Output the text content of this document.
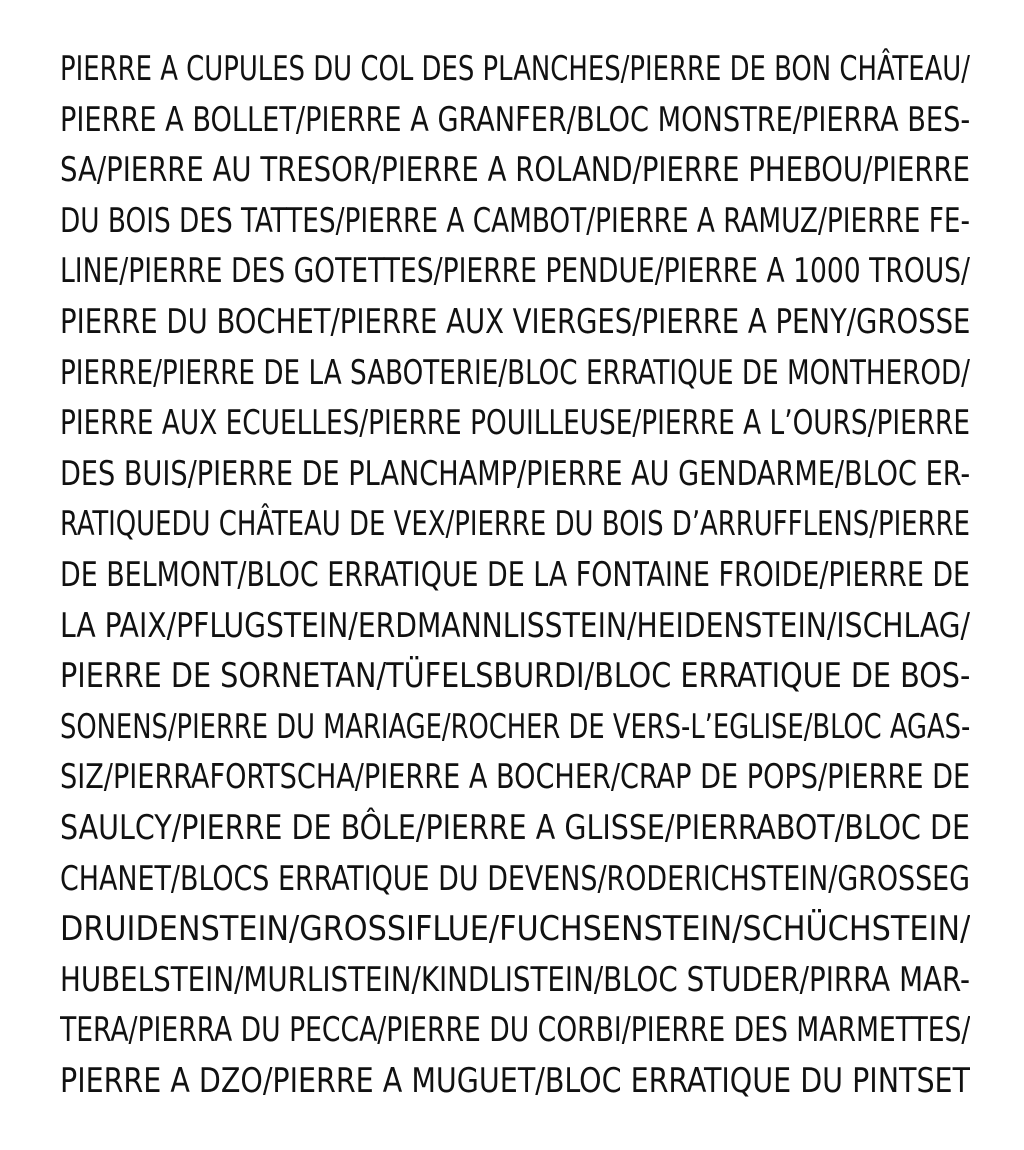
PIERRE A CUPULES DU COL DES PLANCHES/PIERRE DE BON CHÂTEAU/
PIERRE A BOLLET/PIERRE A GRANFER/BLOC MONSTRE/PIERRA BES-
SA/PIERRE AU TRESOR/PIERRE A ROLAND/PIERRE PHEBOU/PIERRE
DU BOIS DES TATTES/PIERRE A CAMBOT/PIERRE A RAMUZ/PIERRE FE-
LINE/PIERRE DES GOTETTES/PIERRE PENDUE/PIERRE A 1000 TROUS/
PIERRE DU BOCHET/PIERRE AUX VIERGES/PIERRE A PENY/GROSSE
PIERRE/PIERRE DE LA SABOTERIE/BLOC ERRATIQUE DE MONTHEROD/
PIERRE AUX ECUELLES/PIERRE POUILLEUSE/PIERRE A L’OURS/PIERRE
DES BUIS/PIERRE DE PLANCHAMP/PIERRE AU GENDARME/BLOC ER-
RATIQUEDU CHÂTEAU DE VEX/PIERRE DU BOIS D’ARRUFFLENS/PIERRE
DE BELMONT/BLOC ERRATIQUE DE LA FONTAINE FROIDE/PIERRE DE
LA PAIX/PFLUGSTEIN/ERDMANNLISSTEIN/HEIDENSTEIN/ISCHLAG/
PIERRE DE SORNETAN/TÜFELSBURDI/BLOC ERRATIQUE DE BOS-
SONENS/PIERRE DU MARIAGE/ROCHER DE VERS-L’EGLISE/BLOC AGAS-
SIZ/PIERRAFORTSCHA/PIERRE A BOCHER/CRAP DE POPS/PIERRE DE
SAULCY/PIERRE DE BÔLE/PIERRE A GLISSE/PIERRABOT/BLOC DE
CHANET/BLOCS ERRATIQUE DU DEVENS/RODERICHSTEIN/GROSSEG
DRUIDENSTEIN/GROSSIFLUE/FUCHSENSTEIN/SCHÜCHSTEIN/
HUBELSTEIN/MURLISTEIN/KINDLISTEIN/BLOC STUDER/PIRRA MAR-
TERA/PIERRA DU PECCA/PIERRE DU CORBI/PIERRE DES MARMETTES/
PIERRE A DZO/PIERRE A MUGUET/BLOC ERRATIQUE DU PINTSET
